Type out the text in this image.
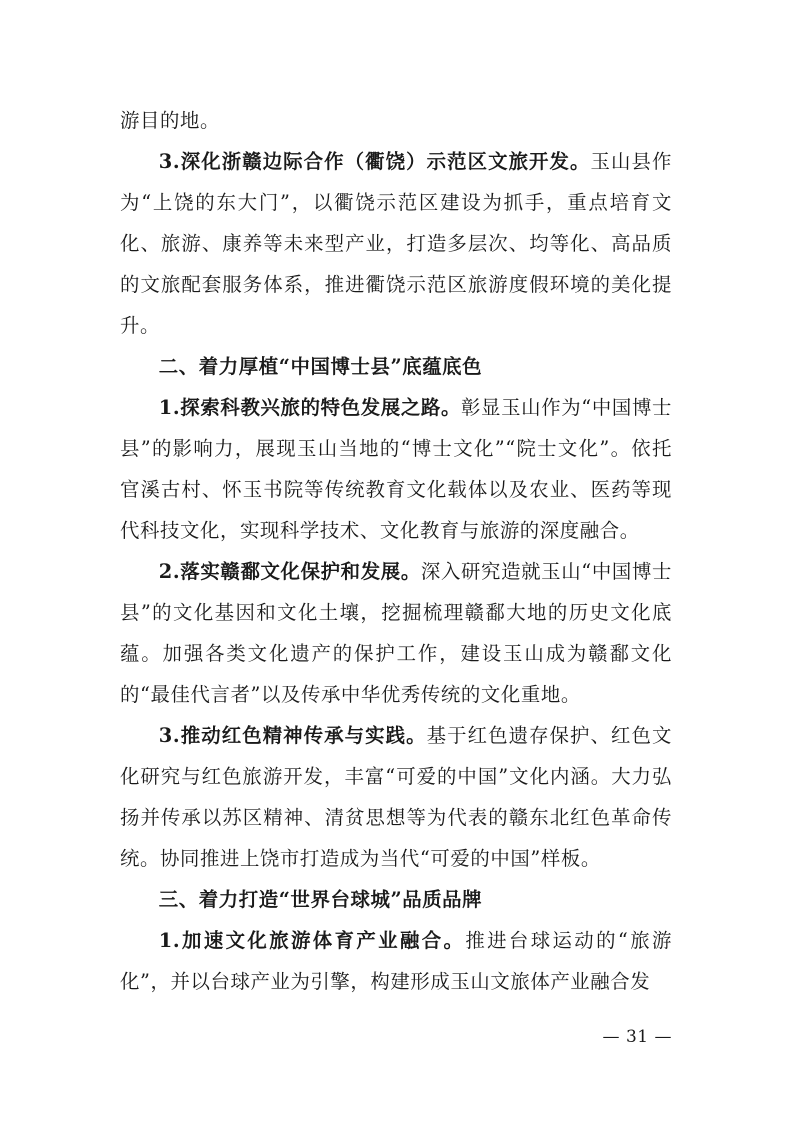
游目的地。

3.深化浙赣边际合作（衢饶）示范区文旅开发。玉山县作为“上饶的东大门”，以衢饶示范区建设为抓手，重点培育文化、旅游、康养等未来型产业，打造多层次、均等化、高品质的文旅配套服务体系，推进衢饶示范区旅游度假环境的美化提升。

二、着力厚植“中国博士县”底蕴底色

1.探索科教兴旅的特色发展之路。彰显玉山作为“中国博士县”的影响力，展现玉山当地的“博士文化”“院士文化”。依托官溪古村、怀玉书院等传统教育文化载体以及农业、医药等现代科技文化，实现科学技术、文化教育与旅游的深度融合。

2.落实赣鄱文化保护和发展。深入研究造就玉山“中国博士县”的文化基因和文化土壤，挖掘梳理赣鄱大地的历史文化底蕴。加强各类文化遗产的保护工作，建设玉山成为赣鄱文化的“最佳代言者”以及传承中华优秀传统的文化重地。

3.推动红色精神传承与实践。基于红色遗存保护、红色文化研究与红色旅游开发，丰富“可爱的中国”文化内涵。大力弘扬并传承以苏区精神、清贫思想等为代表的赣东北红色革命传统。协同推进上饶市打造成为当代“可爱的中国”样板。

三、着力打造“世界台球城”品质品牌

1.加速文化旅游体育产业融合。推进台球运动的“旅游化”，并以台球产业为引擎，构建形成玉山文旅体产业融合发

— 31 —
